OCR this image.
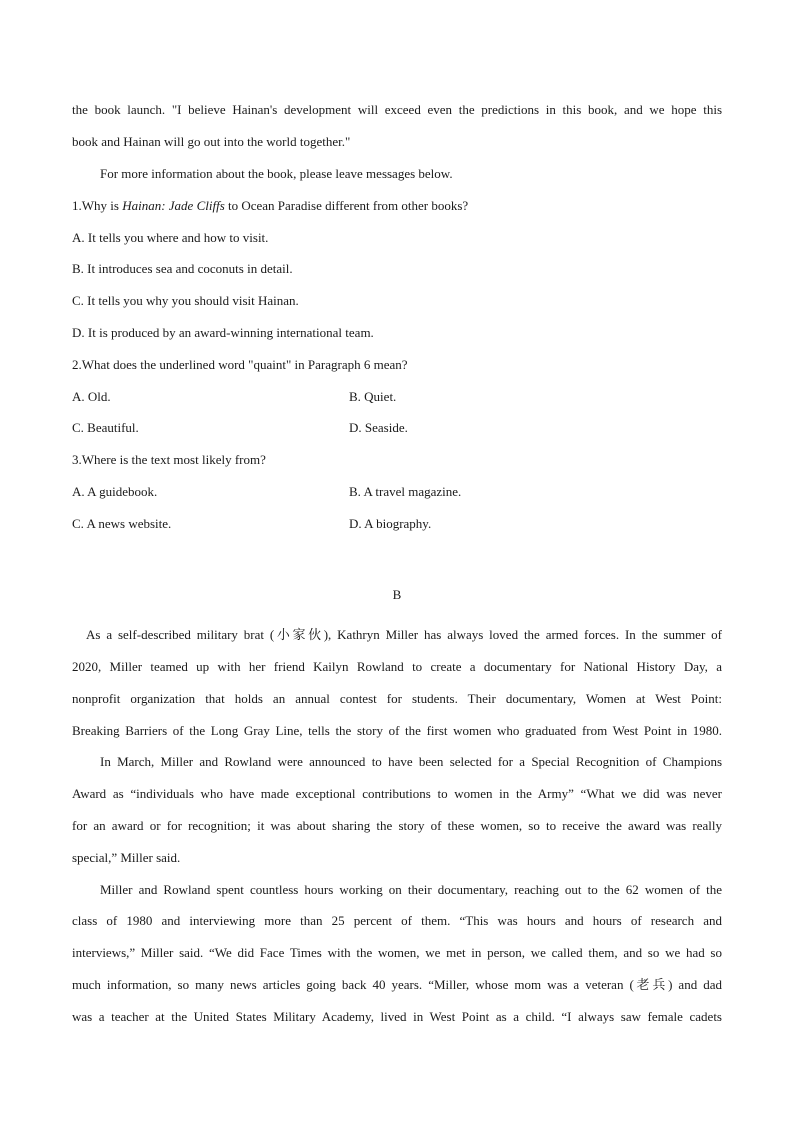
the book launch. "I believe Hainan's development will exceed even the predictions in this book, and we hope this
book and Hainan will go out into the world together."
For more information about the book, please leave messages below.
1.Why is Hainan: Jade Cliffs to Ocean Paradise different from other books?
A. It tells you where and how to visit.
B. It introduces sea and coconuts in detail.
C. It tells you why you should visit Hainan.
D. It is produced by an award-winning international team.
2.What does the underlined word "quaint" in Paragraph 6 mean?
A. Old.	B. Quiet.
C. Beautiful.	D. Seaside.
3.Where is the text most likely from?
A. A guidebook.	B. A travel magazine.
C. A news website.	D. A biography.
B
As a self-described military brat (小家伙), Kathryn Miller has always loved the armed forces. In the summer of
2020, Miller teamed up with her friend Kailyn Rowland to create a documentary for National History Day, a
nonprofit organization that holds an annual contest for students. Their documentary, Women at West Point:
Breaking Barriers of the Long Gray Line, tells the story of the first women who graduated from West Point in 1980.
In March, Miller and Rowland were announced to have been selected for a Special Recognition of Champions
Award as “individuals who have made exceptional contributions to women in the Army” “What we did was never
for an award or for recognition; it was about sharing the story of these women, so to receive the award was really
special,” Miller said.
Miller and Rowland spent countless hours working on their documentary, reaching out to the 62 women of the
class of 1980 and interviewing more than 25 percent of them. “This was hours and hours of research and
interviews,” Miller said. “We did Face Times with the women, we met in person, we called them, and so we had so
much information, so many news articles going back 40 years. “Miller, whose mom was a veteran (老兵) and dad
was a teacher at the United States Military Academy, lived in West Point as a child. “I always saw female cadets
